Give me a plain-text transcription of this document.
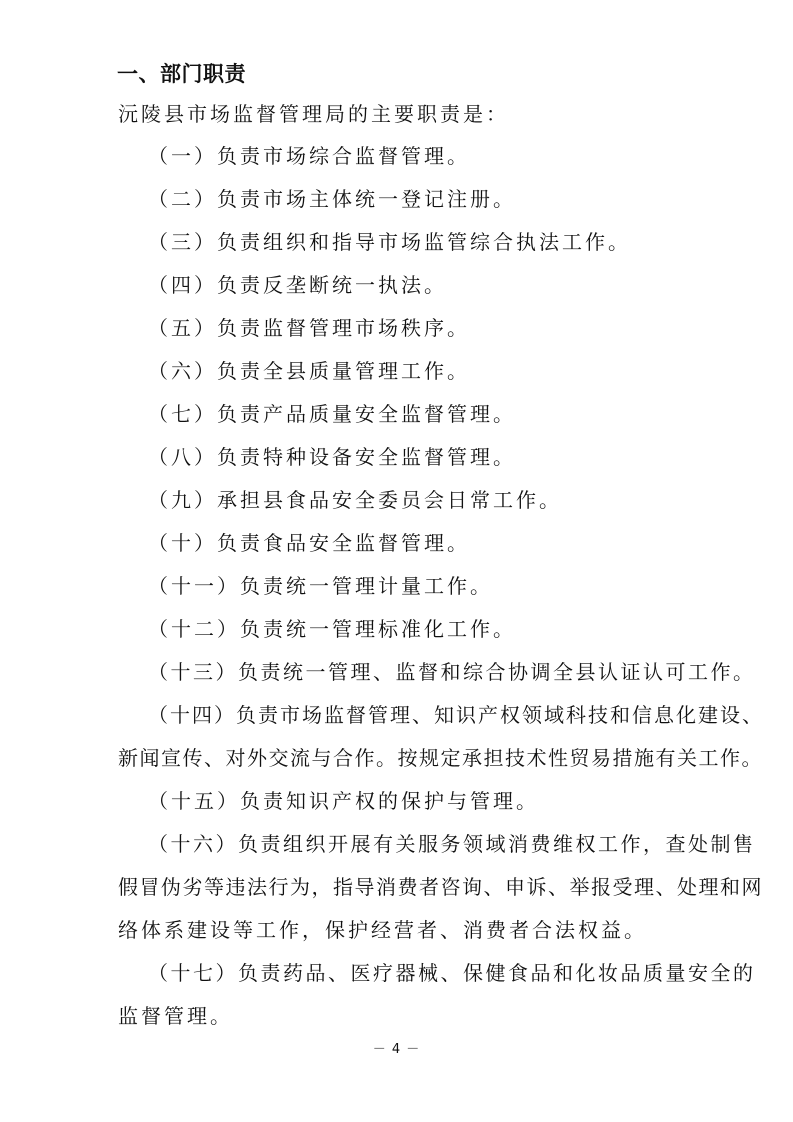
一、部门职责
沅陵县市场监督管理局的主要职责是：
（一）负责市场综合监督管理。
（二）负责市场主体统一登记注册。
（三）负责组织和指导市场监管综合执法工作。
（四）负责反垄断统一执法。
（五）负责监督管理市场秩序。
（六）负责全县质量管理工作。
（七）负责产品质量安全监督管理。
（八）负责特种设备安全监督管理。
（九）承担县食品安全委员会日常工作。
（十）负责食品安全监督管理。
（十一）负责统一管理计量工作。
（十二）负责统一管理标准化工作。
（十三）负责统一管理、监督和综合协调全县认证认可工作。
（十四）负责市场监督管理、知识产权领域科技和信息化建设、
新闻宣传、对外交流与合作。按规定承担技术性贸易措施有关工作。
（十五）负责知识产权的保护与管理。
（十六）负责组织开展有关服务领域消费维权工作，查处制售
假冒伪劣等违法行为，指导消费者咨询、申诉、举报受理、处理和网
络体系建设等工作，保护经营者、消费者合法权益。
（十七）负责药品、医疗器械、保健食品和化妆品质量安全的
监督管理。
－ 4 －
